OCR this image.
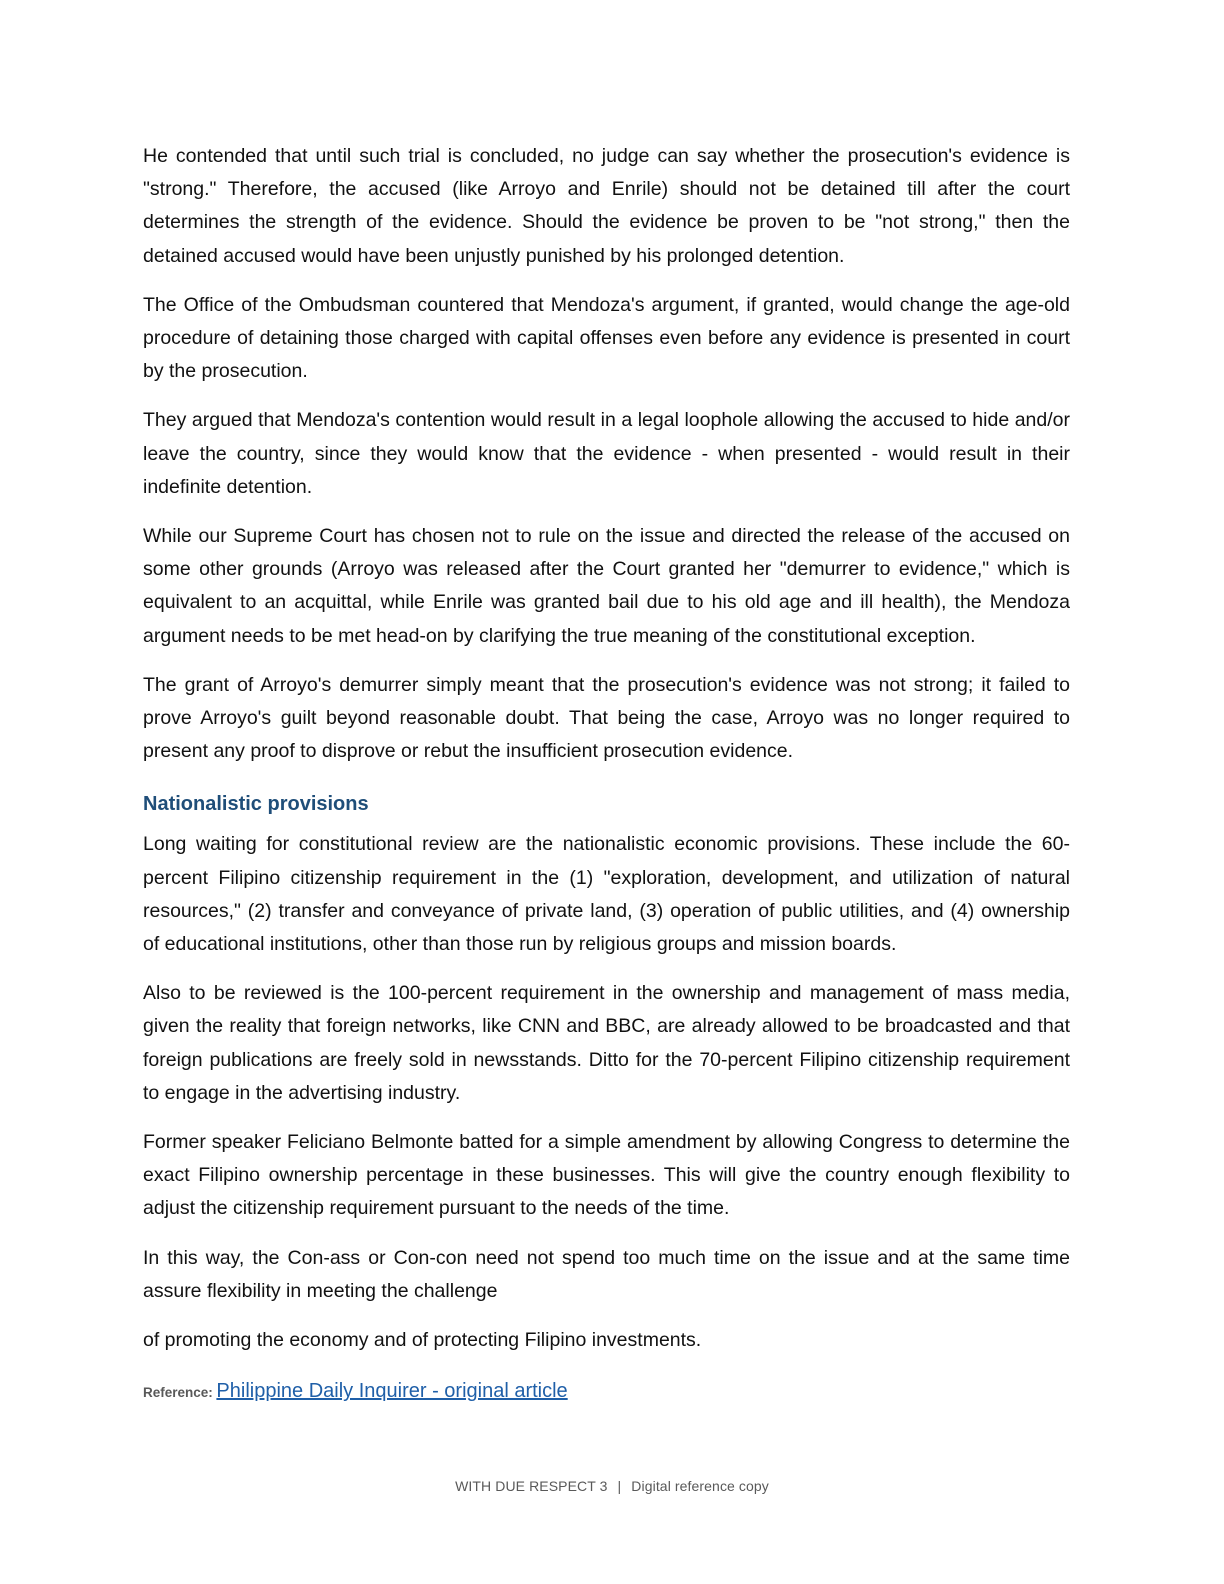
He contended that until such trial is concluded, no judge can say whether the prosecution's evidence is "strong." Therefore, the accused (like Arroyo and Enrile) should not be detained till after the court determines the strength of the evidence. Should the evidence be proven to be "not strong," then the detained accused would have been unjustly punished by his prolonged detention.

The Office of the Ombudsman countered that Mendoza's argument, if granted, would change the age-old procedure of detaining those charged with capital offenses even before any evidence is presented in court by the prosecution.

They argued that Mendoza's contention would result in a legal loophole allowing the accused to hide and/or leave the country, since they would know that the evidence - when presented - would result in their indefinite detention.

While our Supreme Court has chosen not to rule on the issue and directed the release of the accused on some other grounds (Arroyo was released after the Court granted her "demurrer to evidence," which is equivalent to an acquittal, while Enrile was granted bail due to his old age and ill health), the Mendoza argument needs to be met head-on by clarifying the true meaning of the constitutional exception.

The grant of Arroyo's demurrer simply meant that the prosecution's evidence was not strong; it failed to prove Arroyo's guilt beyond reasonable doubt. That being the case, Arroyo was no longer required to present any proof to disprove or rebut the insufficient prosecution evidence.

Nationalistic provisions

Long waiting for constitutional review are the nationalistic economic provisions. These include the 60-percent Filipino citizenship requirement in the (1) "exploration, development, and utilization of natural resources," (2) transfer and conveyance of private land, (3) operation of public utilities, and (4) ownership of educational institutions, other than those run by religious groups and mission boards.

Also to be reviewed is the 100-percent requirement in the ownership and management of mass media, given the reality that foreign networks, like CNN and BBC, are already allowed to be broadcasted and that foreign publications are freely sold in newsstands. Ditto for the 70-percent Filipino citizenship requirement to engage in the advertising industry.

Former speaker Feliciano Belmonte batted for a simple amendment by allowing Congress to determine the exact Filipino ownership percentage in these businesses. This will give the country enough flexibility to adjust the citizenship requirement pursuant to the needs of the time.

In this way, the Con-ass or Con-con need not spend too much time on the issue and at the same time assure flexibility in meeting the challenge

of promoting the economy and of protecting Filipino investments.

Reference: Philippine Daily Inquirer - original article
WITH DUE RESPECT 3 | Digital reference copy
